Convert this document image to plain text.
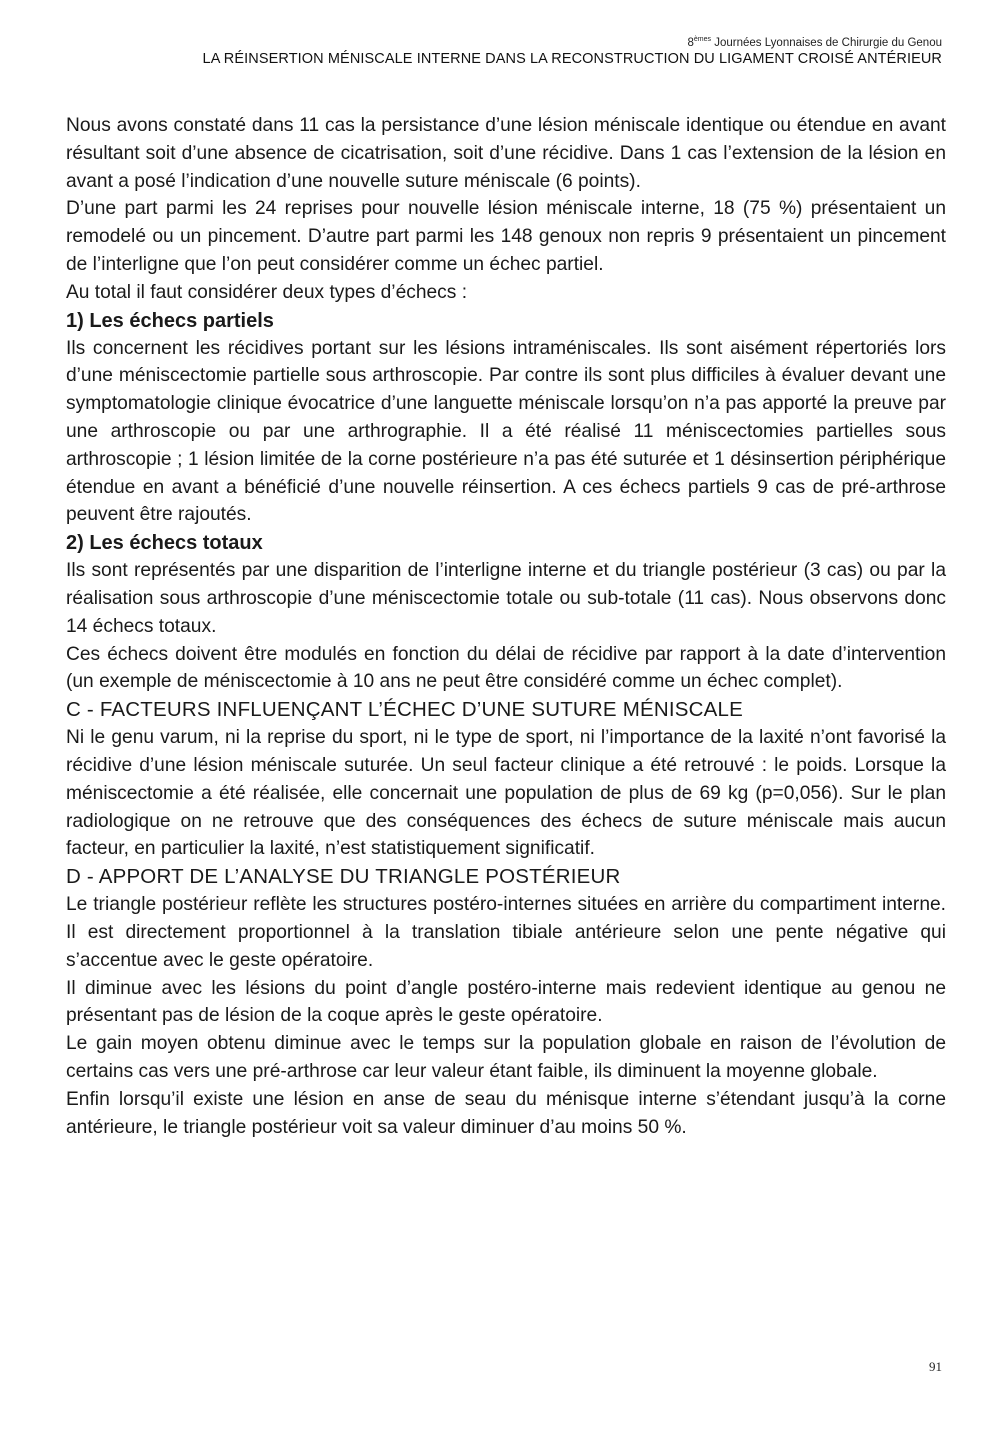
8èmes Journées Lyonnaises de Chirurgie du Genou
LA RÉINSERTION MÉNISCALE INTERNE DANS LA RECONSTRUCTION DU LIGAMENT CROISÉ ANTÉRIEUR

Nous avons constaté dans 11 cas la persistance d’une lésion méniscale identique ou étendue en avant résultant soit d’une absence de cicatrisation, soit d’une récidive. Dans 1 cas l’extension de la lésion en avant a posé l’indication d’une nouvelle suture méniscale (6 points).

D’une part parmi les 24 reprises pour nouvelle lésion méniscale interne, 18 (75 %) présentaient un remodelé ou un pincement. D’autre part parmi les 148 genoux non repris 9 présentaient un pincement de l’interligne que l’on peut considérer comme un échec partiel.

Au total il faut considérer deux types d’échecs :

1) Les échecs partiels

Ils concernent les récidives portant sur les lésions intraméniscales. Ils sont aisément répertoriés lors d’une méniscectomie partielle sous arthroscopie. Par contre ils sont plus difficiles à évaluer devant une symptomatologie clinique évocatrice d’une languette méniscale lorsqu’on n’a pas apporté la preuve par une arthroscopie ou par une arthrographie. Il a été réalisé 11 méniscectomies partielles sous arthroscopie ; 1 lésion limitée de la corne postérieure n’a pas été suturée et 1 désinsertion périphérique étendue en avant a bénéficié d’une nouvelle réinsertion. A ces échecs partiels 9 cas de pré-arthrose peuvent être rajoutés.

2) Les échecs totaux

Ils sont représentés par une disparition de l’interligne interne et du triangle postérieur (3 cas) ou par la réalisation sous arthroscopie d’une méniscectomie totale ou sub-totale (11 cas). Nous observons donc 14 échecs totaux.

Ces échecs doivent être modulés en fonction du délai de récidive par rapport à la date d’intervention (un exemple de méniscectomie à 10 ans ne peut être considéré comme un échec complet).

C - FACTEURS INFLUENÇANT L’ÉCHEC D’UNE SUTURE MÉNISCALE

Ni le genu varum, ni la reprise du sport, ni le type de sport, ni l’importance de la laxité n’ont favorisé la récidive d’une lésion méniscale suturée. Un seul facteur clinique a été retrouvé : le poids. Lorsque la méniscectomie a été réalisée, elle concernait une population de plus de 69 kg (p=0,056). Sur le plan radiologique on ne retrouve que des conséquences des échecs de suture méniscale mais aucun facteur, en particulier la laxité, n’est statistiquement significatif.

D - APPORT DE L’ANALYSE DU TRIANGLE POSTÉRIEUR

Le triangle postérieur reflète les structures postéro-internes situées en arrière du compartiment interne. Il est directement proportionnel à la translation tibiale antérieure selon une pente négative qui s’accentue avec le geste opératoire.

Il diminue avec les lésions du point d’angle postéro-interne mais redevient identique au genou ne présentant pas de lésion de la coque après le geste opératoire.

Le gain moyen obtenu diminue avec le temps sur la population globale en raison de l’évolution de certains cas vers une pré-arthrose car leur valeur étant faible, ils diminuent la moyenne globale.

Enfin lorsqu’il existe une lésion en anse de seau du ménisque interne s’étendant jusqu’à la corne antérieure, le triangle postérieur voit sa valeur diminuer d’au moins 50 %.

91
